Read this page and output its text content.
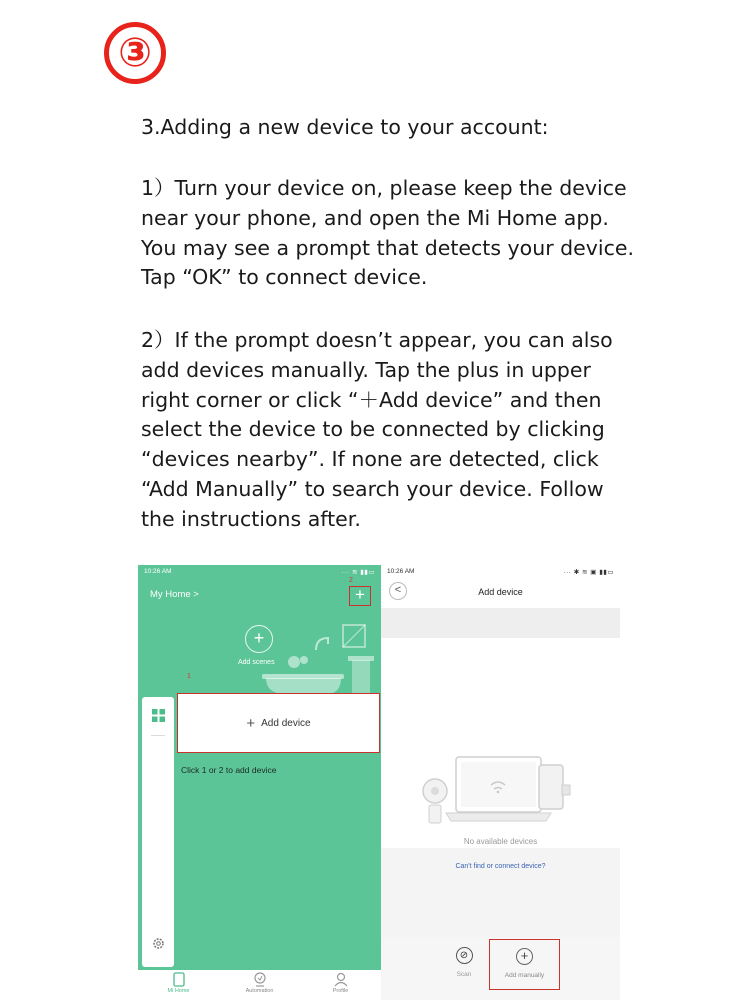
③
3.Adding a new device to your account:
1）Turn your device on, please keep the device
near your phone, and open the Mi Home app.
You may see a prompt that detects your device.
Tap “OK” to connect device.
2）If the prompt doesn’t appear, you can also
add devices manually. Tap the plus in upper
right corner or click “＋Add device” and then
select the device to be connected by clicking
“devices nearby”. If none are detected, click
“Add Manually” to search your device. Follow
the instructions after.
10:26 AM	··· ≋ ▮▮▭
My Home >
2
+
+
Add scenes
1
+ Add device
Click 1 or 2 to add device
Mi Home	Automation	Profile
10:26 AM	··· ✱ ≋ ▣ ▮▮▭
<	Add device
No available devices
Can't find or connect device?
⊘
Scan
+
Add manually
